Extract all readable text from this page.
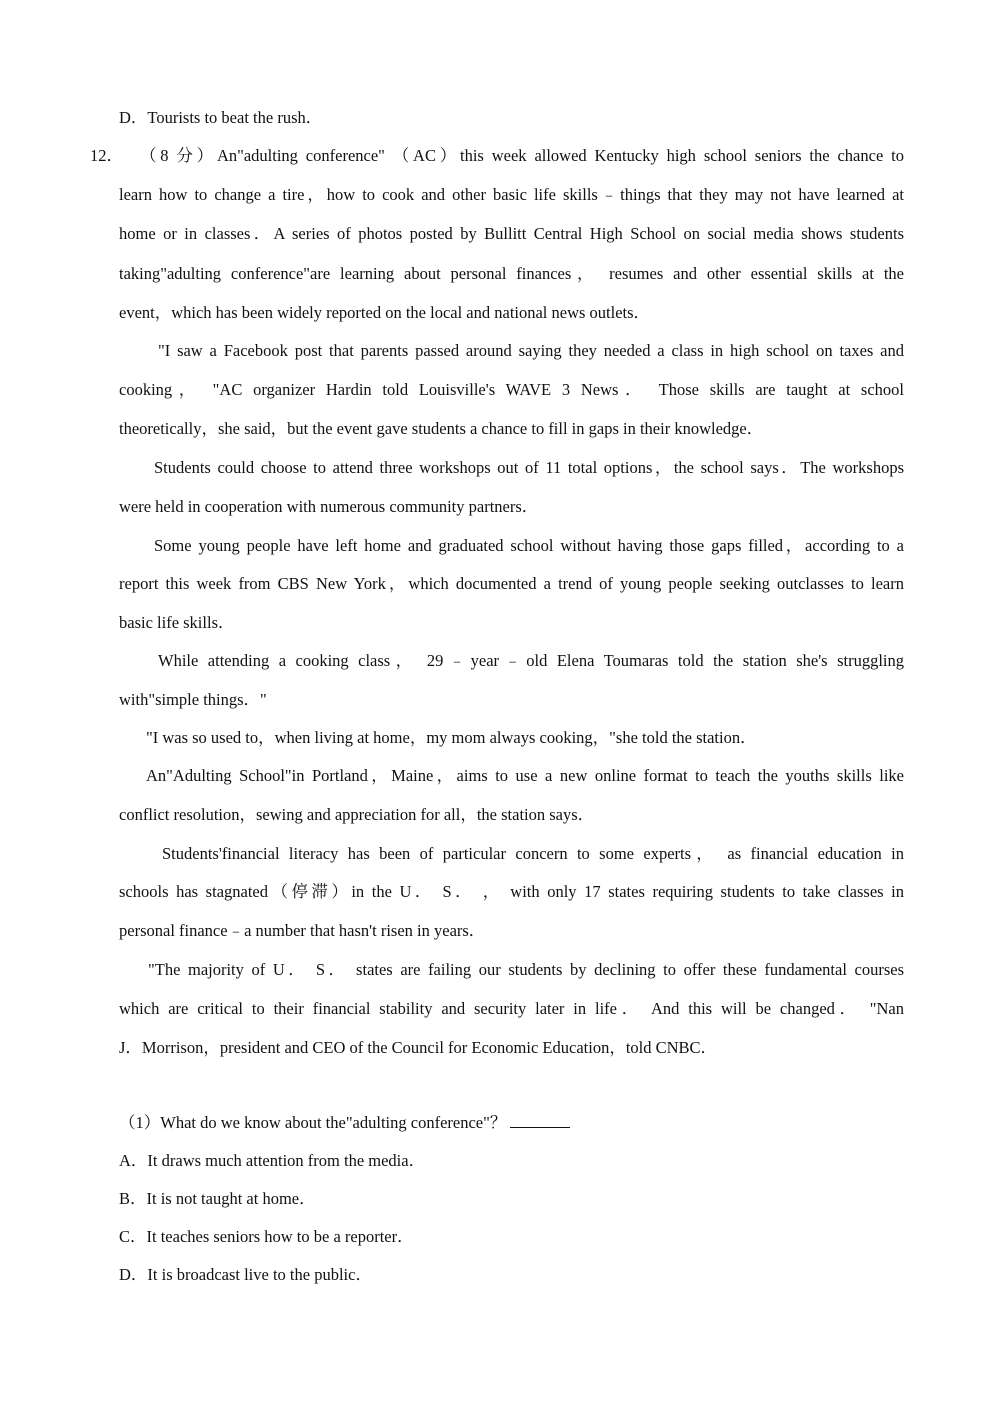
D．Tourists to beat the rush．
12． （8 分）An"adulting conference" （AC）this week allowed Kentucky high school seniors the chance to
learn how to change a tire，how to cook and other basic life skills﹣things that they may not have learned at
home or in classes．A series of photos posted by Bullitt Central High School on social media shows students
taking"adulting conference"are learning about personal finances， resumes and other essential skills at the
event，which has been widely reported on the local and national news outlets．
"I saw a Facebook post that parents passed around saying they needed a class in high school on taxes and
cooking， "AC organizer Hardin told Louisville's WAVE 3 News． Those skills are taught at school
theoretically，she said，but the event gave students a chance to fill in gaps in their knowledge．
Students could choose to attend three workshops out of 11 total options，the school says．The workshops
were held in cooperation with numerous community partners．
Some young people have left home and graduated school without having those gaps filled，according to a
report this week from CBS New York，which documented a trend of young people seeking outclasses to learn
basic life skills．
While attending a cooking class， 29﹣year﹣old Elena Toumaras told the station she's struggling
with"simple things．"
"I was so used to，when living at home，my mom always cooking，"she told the station．
An"Adulting School"in Portland，Maine，aims to use a new online format to teach the youths skills like
conflict resolution，sewing and appreciation for all，the station says．
Students'financial literacy has been of particular concern to some experts， as financial education in
schools has stagnated（停滞）in the U． S． ， with only 17 states requiring students to take classes in
personal finance﹣a number that hasn't risen in years．
"The majority of U． S． states are failing our students by declining to offer these fundamental courses
which are critical to their financial stability and security later in life． And this will be changed． "Nan
J．Morrison，president and CEO of the Council for Economic Education，told CNBC．
（1）What do we know about the"adulting conference"？
A．It draws much attention from the media．
B．It is not taught at home．
C．It teaches seniors how to be a reporter．
D．It is broadcast live to the public．
